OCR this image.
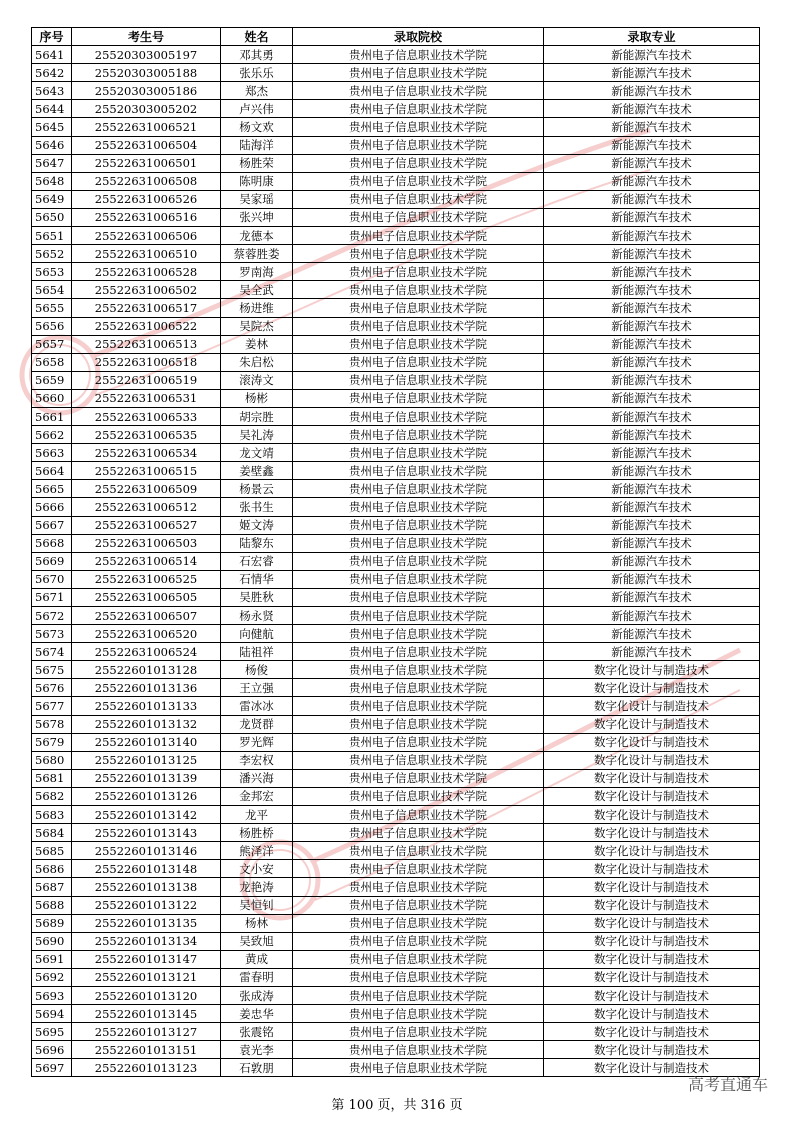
序号	考生号	姓名	录取院校	录取专业
5641	25520303005197	邓其勇	贵州电子信息职业技术学院	新能源汽车技术
5642	25520303005188	张乐乐	贵州电子信息职业技术学院	新能源汽车技术
5643	25520303005186	郑杰	贵州电子信息职业技术学院	新能源汽车技术
5644	25520303005202	卢兴伟	贵州电子信息职业技术学院	新能源汽车技术
5645	25522631006521	杨文欢	贵州电子信息职业技术学院	新能源汽车技术
5646	25522631006504	陆海洋	贵州电子信息职业技术学院	新能源汽车技术
5647	25522631006501	杨胜荣	贵州电子信息职业技术学院	新能源汽车技术
5648	25522631006508	陈明康	贵州电子信息职业技术学院	新能源汽车技术
5649	25522631006526	吴家瑶	贵州电子信息职业技术学院	新能源汽车技术
5650	25522631006516	张兴坤	贵州电子信息职业技术学院	新能源汽车技术
5651	25522631006506	龙德本	贵州电子信息职业技术学院	新能源汽车技术
5652	25522631006510	蔡蓉胜娄	贵州电子信息职业技术学院	新能源汽车技术
5653	25522631006528	罗南海	贵州电子信息职业技术学院	新能源汽车技术
5654	25522631006502	吴全武	贵州电子信息职业技术学院	新能源汽车技术
5655	25522631006517	杨进维	贵州电子信息职业技术学院	新能源汽车技术
5656	25522631006522	吴院杰	贵州电子信息职业技术学院	新能源汽车技术
5657	25522631006513	姜林	贵州电子信息职业技术学院	新能源汽车技术
5658	25522631006518	朱启松	贵州电子信息职业技术学院	新能源汽车技术
5659	25522631006519	滚涛文	贵州电子信息职业技术学院	新能源汽车技术
5660	25522631006531	杨彬	贵州电子信息职业技术学院	新能源汽车技术
5661	25522631006533	胡宗胜	贵州电子信息职业技术学院	新能源汽车技术
5662	25522631006535	吴礼涛	贵州电子信息职业技术学院	新能源汽车技术
5663	25522631006534	龙文靖	贵州电子信息职业技术学院	新能源汽车技术
5664	25522631006515	姜壁鑫	贵州电子信息职业技术学院	新能源汽车技术
5665	25522631006509	杨景云	贵州电子信息职业技术学院	新能源汽车技术
5666	25522631006512	张书生	贵州电子信息职业技术学院	新能源汽车技术
5667	25522631006527	姬文涛	贵州电子信息职业技术学院	新能源汽车技术
5668	25522631006503	陆黎东	贵州电子信息职业技术学院	新能源汽车技术
5669	25522631006514	石宏睿	贵州电子信息职业技术学院	新能源汽车技术
5670	25522631006525	石情华	贵州电子信息职业技术学院	新能源汽车技术
5671	25522631006505	吴胜秋	贵州电子信息职业技术学院	新能源汽车技术
5672	25522631006507	杨永贤	贵州电子信息职业技术学院	新能源汽车技术
5673	25522631006520	向健航	贵州电子信息职业技术学院	新能源汽车技术
5674	25522631006524	陆祖祥	贵州电子信息职业技术学院	新能源汽车技术
5675	25522601013128	杨俊	贵州电子信息职业技术学院	数字化设计与制造技术
5676	25522601013136	王立强	贵州电子信息职业技术学院	数字化设计与制造技术
5677	25522601013133	雷冰冰	贵州电子信息职业技术学院	数字化设计与制造技术
5678	25522601013132	龙贤群	贵州电子信息职业技术学院	数字化设计与制造技术
5679	25522601013140	罗光辉	贵州电子信息职业技术学院	数字化设计与制造技术
5680	25522601013125	李宏权	贵州电子信息职业技术学院	数字化设计与制造技术
5681	25522601013139	潘兴海	贵州电子信息职业技术学院	数字化设计与制造技术
5682	25522601013126	金邦宏	贵州电子信息职业技术学院	数字化设计与制造技术
5683	25522601013142	龙平	贵州电子信息职业技术学院	数字化设计与制造技术
5684	25522601013143	杨胜桥	贵州电子信息职业技术学院	数字化设计与制造技术
5685	25522601013146	熊泽洋	贵州电子信息职业技术学院	数字化设计与制造技术
5686	25522601013148	文小安	贵州电子信息职业技术学院	数字化设计与制造技术
5687	25522601013138	龙艳涛	贵州电子信息职业技术学院	数字化设计与制造技术
5688	25522601013122	吴恒钊	贵州电子信息职业技术学院	数字化设计与制造技术
5689	25522601013135	杨林	贵州电子信息职业技术学院	数字化设计与制造技术
5690	25522601013134	吴致旭	贵州电子信息职业技术学院	数字化设计与制造技术
5691	25522601013147	黄成	贵州电子信息职业技术学院	数字化设计与制造技术
5692	25522601013121	雷春明	贵州电子信息职业技术学院	数字化设计与制造技术
5693	25522601013120	张成涛	贵州电子信息职业技术学院	数字化设计与制造技术
5694	25522601013145	姜忠华	贵州电子信息职业技术学院	数字化设计与制造技术
5695	25522601013127	张震铭	贵州电子信息职业技术学院	数字化设计与制造技术
5696	25522601013151	袁光李	贵州电子信息职业技术学院	数字化设计与制造技术
5697	25522601013123	石敦朋	贵州电子信息职业技术学院	数字化设计与制造技术
第 100 页，共 316 页
高考直通车
